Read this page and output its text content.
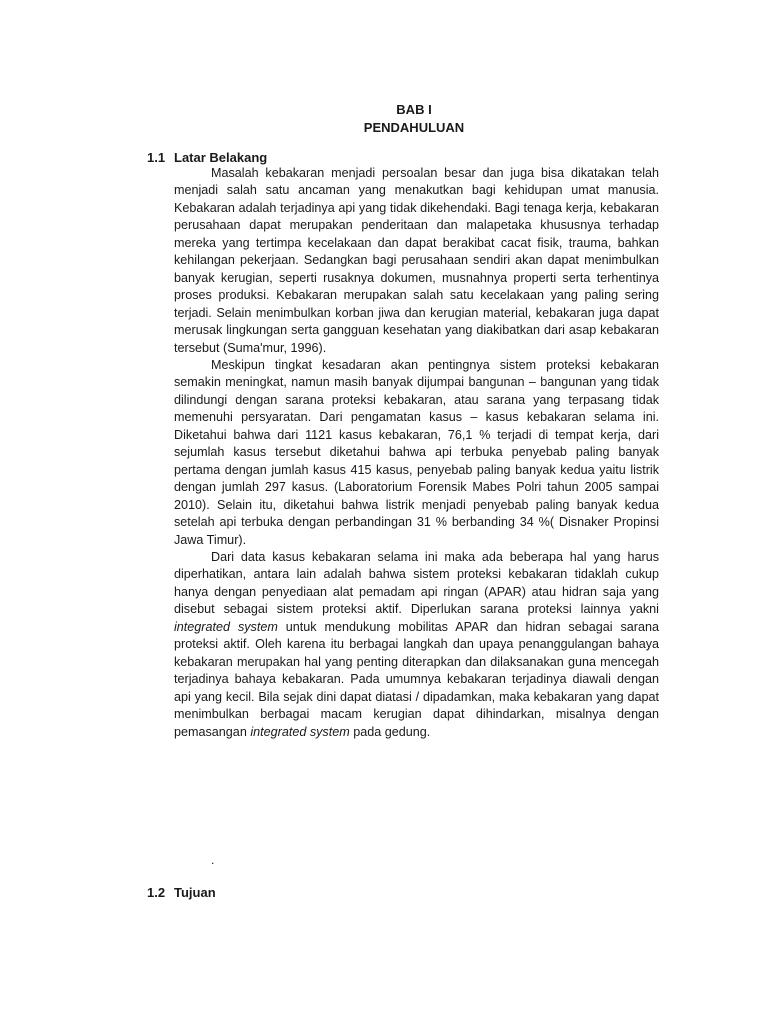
BAB I
PENDAHULUAN
1.1 Latar Belakang

Masalah kebakaran menjadi persoalan besar dan juga bisa dikatakan telah menjadi salah satu ancaman yang menakutkan bagi kehidupan umat manusia. Kebakaran adalah terjadinya api yang tidak dikehendaki. Bagi tenaga kerja, kebakaran perusahaan dapat merupakan penderitaan dan malapetaka khususnya terhadap mereka yang tertimpa kecelakaan dan dapat berakibat cacat fisik, trauma, bahkan kehilangan pekerjaan. Sedangkan bagi perusahaan sendiri akan dapat menimbulkan banyak kerugian, seperti rusaknya dokumen, musnahnya properti serta terhentinya proses produksi. Kebakaran merupakan salah satu kecelakaan yang paling sering terjadi. Selain menimbulkan korban jiwa dan kerugian material, kebakaran juga dapat merusak lingkungan serta gangguan kesehatan yang diakibatkan dari asap kebakaran tersebut (Suma'mur, 1996).

Meskipun tingkat kesadaran akan pentingnya sistem proteksi kebakaran semakin meningkat, namun masih banyak dijumpai bangunan – bangunan yang tidak dilindungi dengan sarana proteksi kebakaran, atau sarana yang terpasang tidak memenuhi persyaratan. Dari pengamatan kasus – kasus kebakaran selama ini. Diketahui bahwa dari 1121 kasus kebakaran, 76,1 % terjadi di tempat kerja, dari sejumlah kasus tersebut diketahui bahwa api terbuka penyebab paling banyak pertama dengan jumlah kasus 415 kasus, penyebab paling banyak kedua yaitu listrik dengan jumlah 297 kasus. (Laboratorium Forensik Mabes Polri tahun 2005 sampai 2010). Selain itu, diketahui bahwa listrik menjadi penyebab paling banyak kedua setelah api terbuka dengan perbandingan 31 % berbanding 34 %( Disnaker Propinsi Jawa Timur).

Dari data kasus kebakaran selama ini maka ada beberapa hal yang harus diperhatikan, antara lain adalah bahwa sistem proteksi kebakaran tidaklah cukup hanya dengan penyediaan alat pemadam api ringan (APAR) atau hidran saja yang disebut sebagai sistem proteksi aktif. Diperlukan sarana proteksi lainnya yakni integrated system untuk mendukung mobilitas APAR dan hidran sebagai sarana proteksi aktif. Oleh karena itu berbagai langkah dan upaya penanggulangan bahaya kebakaran merupakan hal yang penting diterapkan dan dilaksanakan guna mencegah terjadinya bahaya kebakaran. Pada umumnya kebakaran terjadinya diawali dengan api yang kecil. Bila sejak dini dapat diatasi / dipadamkan, maka kebakaran yang dapat menimbulkan berbagai macam kerugian dapat dihindarkan, misalnya dengan pemasangan integrated system pada gedung.

.
1.2 Tujuan
